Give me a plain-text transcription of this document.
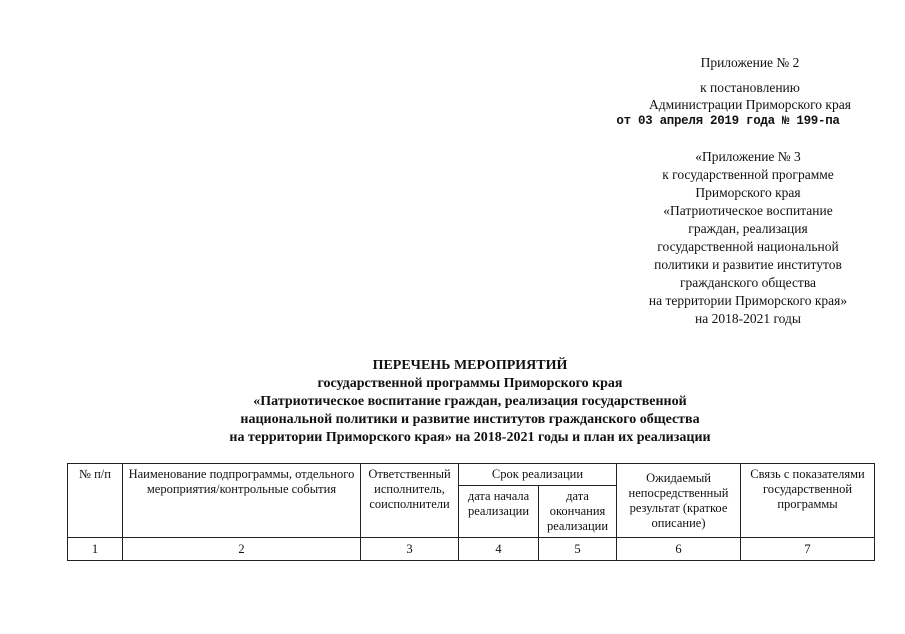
Приложение № 2
к постановлению
Администрации Приморского края
от 03 апреля 2019 года № 199-па
«Приложение № 3
к государственной программе
Приморского края
«Патриотическое воспитание
граждан, реализация
государственной национальной
политики и развитие институтов
гражданского общества
на территории Приморского края»
на 2018-2021 годы
ПЕРЕЧЕНЬ МЕРОПРИЯТИЙ
государственной программы Приморского края
«Патриотическое воспитание граждан, реализация государственной
национальной политики и развитие институтов гражданского общества
на территории Приморского края» на 2018-2021 годы и план их реализации
№ п/п	Наименование подпрограммы, отдельного мероприятия/контрольные события	Ответственный исполнитель, соисполнители	Срок реализации		Ожидаемый непосредственный результат (краткое описание)	Связь с показателями государственной программы
			дата начала реализации	дата окончания реализации		
1	2	3	4	5	6	7
